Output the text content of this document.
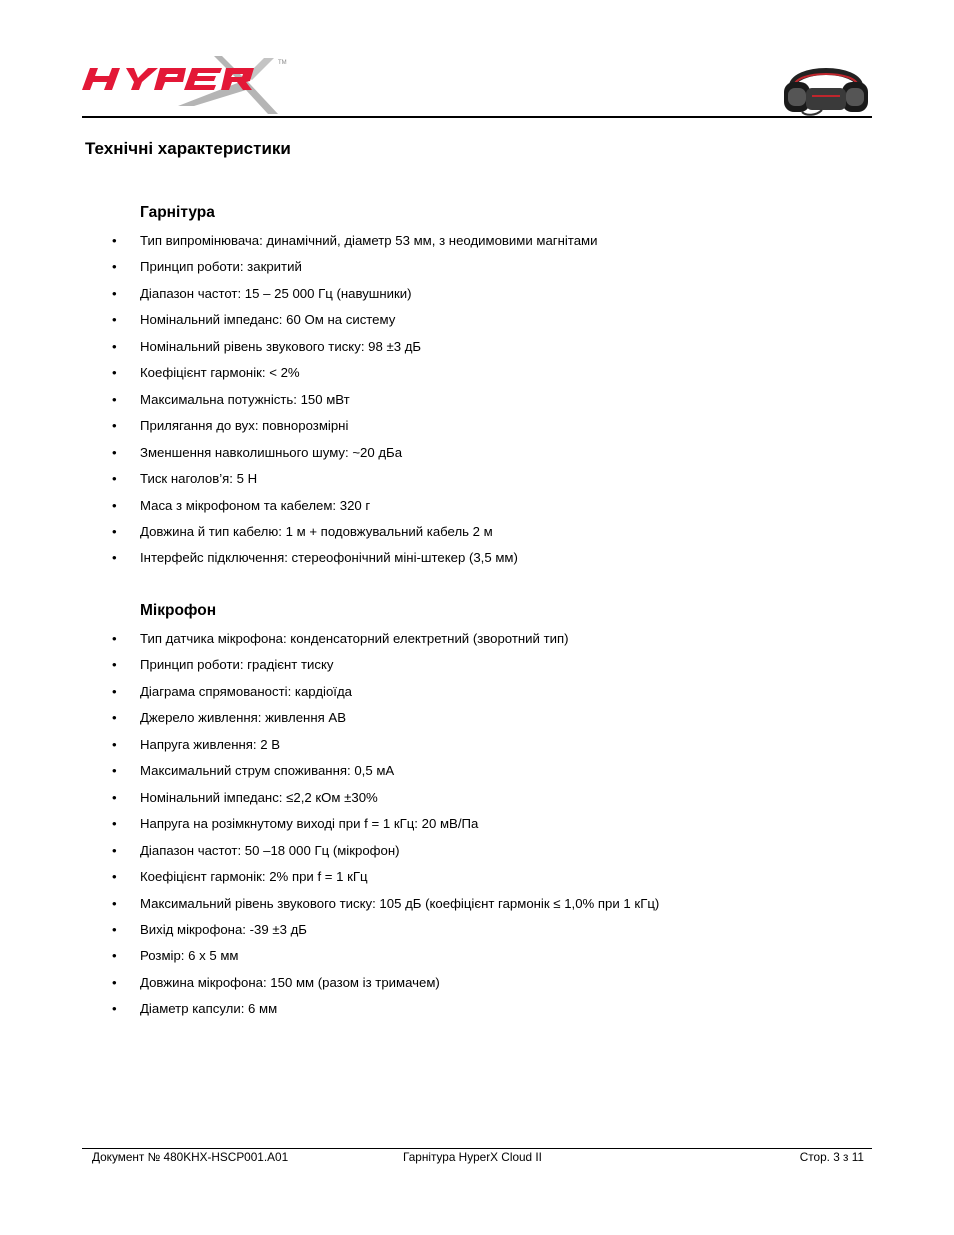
TM
Технічні характеристики
Гарнітура
•	Тип випромінювача: динамічний, діаметр 53 мм, з неодимовими магнітами
•	Принцип роботи: закритий
•	Діапазон частот: 15 – 25 000 Гц (навушники)
•	Номінальний імпеданс: 60 Ом на систему
•	Номінальний рівень звукового тиску: 98 ±3 дБ
•	Коефіцієнт гармонік: < 2%
•	Максимальна потужність: 150 мВт
•	Прилягання до вух: повнорозмірні
•	Зменшення навколишнього шуму: ~20 дБа
•	Тиск наголов’я: 5 Н
•	Маса з мікрофоном та кабелем: 320 г
•	Довжина й тип кабелю: 1 м + подовжувальний кабель 2 м
•	Інтерфейс підключення: стереофонічний міні-штекер (3,5 мм)
Мікрофон
•	Тип датчика мікрофона: конденсаторний електретний (зворотний тип)
•	Принцип роботи: градієнт тиску
•	Діаграма спрямованості: кардіоїда
•	Джерело живлення: живлення АВ
•	Напруга живлення: 2 В
•	Максимальний струм споживання: 0,5 мА
•	Номінальний імпеданс: ≤2,2 кОм ±30%
•	Напруга на розімкнутому виході при f = 1 кГц: 20 мВ/Па
•	Діапазон частот: 50 –18 000 Гц (мікрофон)
•	Коефіцієнт гармонік: 2% при f = 1 кГц
•	Максимальний рівень звукового тиску: 105 дБ (коефіцієнт гармонік ≤ 1,0% при 1 кГц)
•	Вихід мікрофона: -39 ±3 дБ
•	Розмір: 6 x 5 мм
•	Довжина мікрофона: 150 мм (разом із тримачем)
•	Діаметр капсули: 6 мм
Документ № 480KHX-HSCP001.A01	Гарнітура HyperX Cloud II	Стор. 3 з 11
